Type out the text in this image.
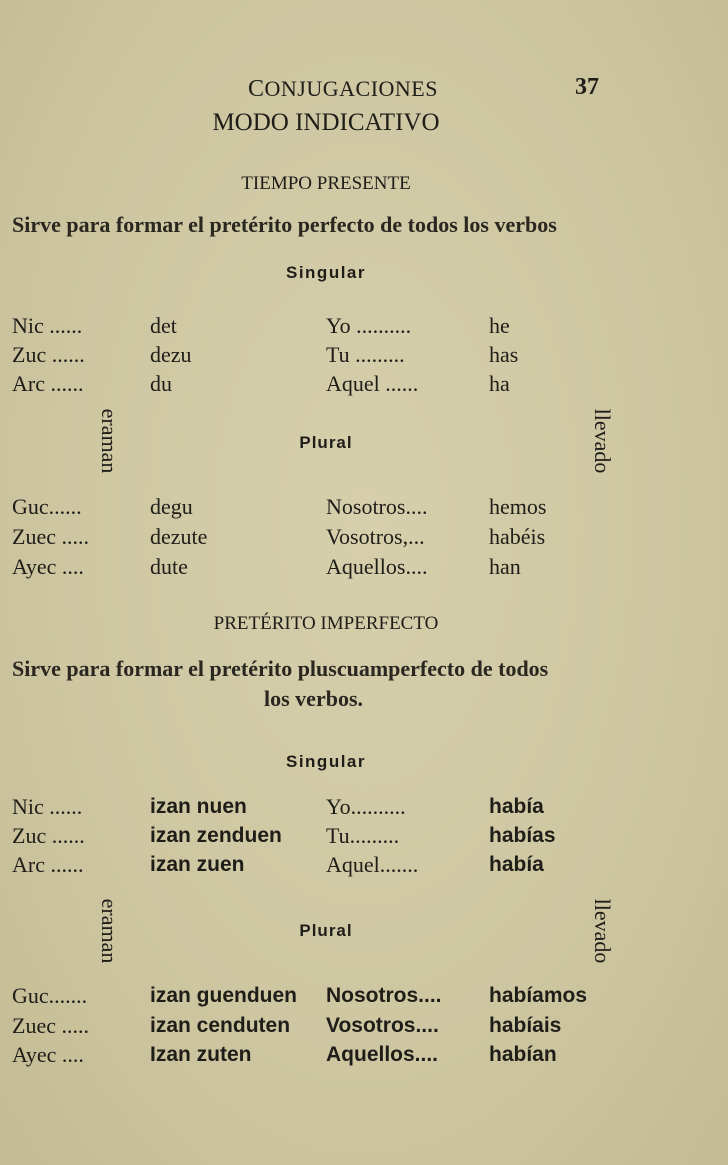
CONJUGACIONES	37
MODO INDICATIVO
TIEMPO PRESENTE
Sirve para formar el pretérito perfecto de todos los verbos
Singular
Nic ......	det	Yo ..........	he
Zuc ......	dezu	Tu .........	has
Arc ......	du	Aquel ......	ha
eraman	Plural	llevado
Guc......	degu	Nosotros....	hemos
Zuec .....	dezute	Vosotros,...	habéis
Ayec ....	dute	Aquellos....	han
PRETÉRITO IMPERFECTO
Sirve para formar el pretérito pluscuamperfecto de todos
los verbos.
Singular
Nic ......	izan nuen	Yo..........	había
Zuc ......	izan zenduen Tu.........	habías
Arc ......	izan zuen	Aquel.......	había
eraman	Plural	llevado
Guc.......	izan guenduen Nosotros.... habíamos
Zuec .....	izan cenduten Vosotros.... habíais
Ayec ....	Izan zuten	Aquellos.... habían
